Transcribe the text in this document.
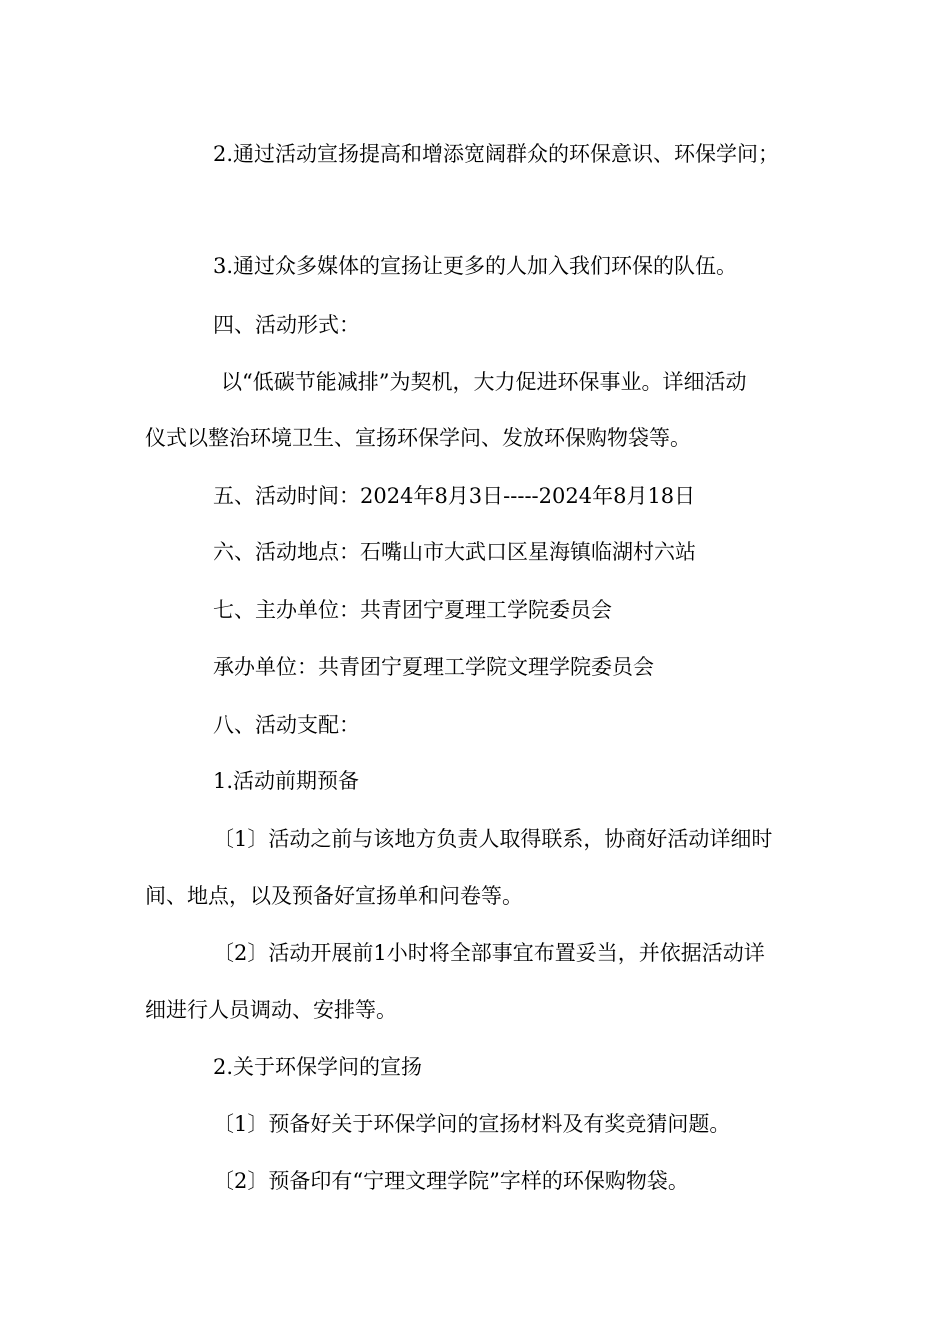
2.通过活动宣扬提高和增添宽阔群众的环保意识、环保学问；
3.通过众多媒体的宣扬让更多的人加入我们环保的队伍。
四、活动形式：
以“低碳节能减排”为契机，大力促进环保事业。详细活动
仪式以整治环境卫生、宣扬环保学问、发放环保购物袋等。
五、活动时间：2024年8月3日-----2024年8月18日
六、活动地点：石嘴山市大武口区星海镇临湖村六站
七、主办单位：共青团宁夏理工学院委员会
承办单位：共青团宁夏理工学院文理学院委员会
八、活动支配：
1.活动前期预备
〔1〕活动之前与该地方负责人取得联系，协商好活动详细时
间、地点，以及预备好宣扬单和问卷等。
〔2〕活动开展前1小时将全部事宜布置妥当，并依据活动详
细进行人员调动、安排等。
2.关于环保学问的宣扬
〔1〕预备好关于环保学问的宣扬材料及有奖竞猜问题。
〔2〕预备印有“宁理文理学院”字样的环保购物袋。
